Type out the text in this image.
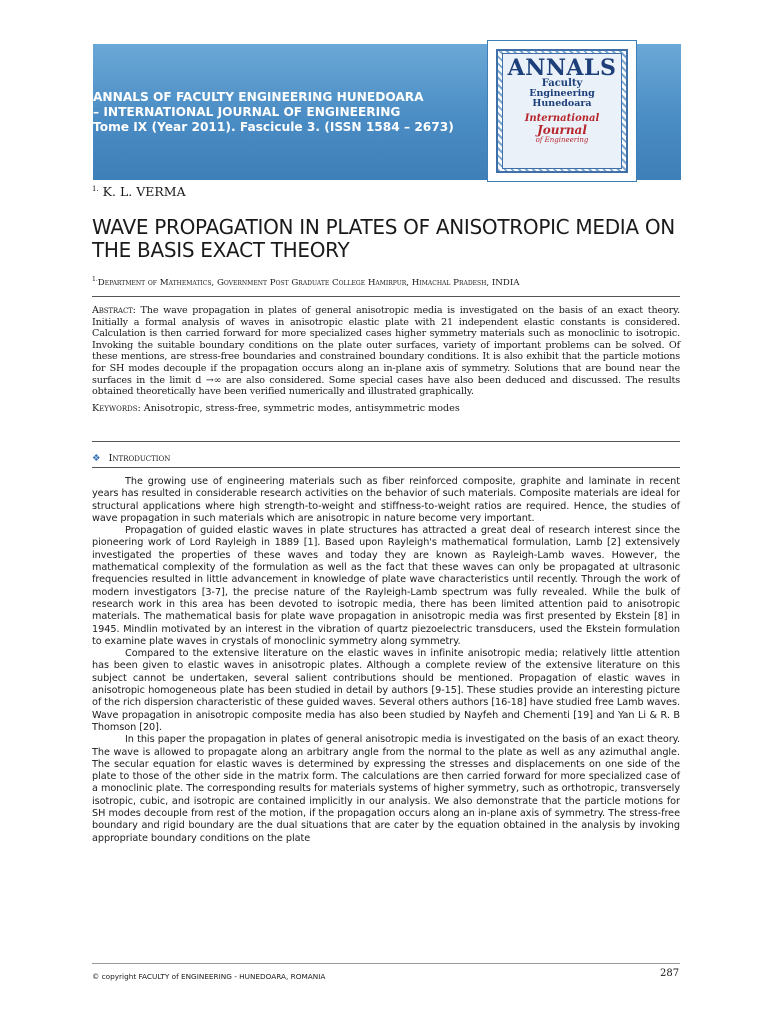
ANNALS OF FACULTY ENGINEERING HUNEDOARA
– INTERNATIONAL JOURNAL OF ENGINEERING
Tome IX (Year 2011). Fascicule 3. (ISSN 1584 – 2673)
ANNALS
Faculty
Engineering
Hunedoara
International
Journal
of Engineering
$^{1.}$ K. L. VERMA
WAVE PROPAGATION IN PLATES OF ANISOTROPIC MEDIA ON THE BASIS EXACT THEORY
$^{1.}$Department of Mathematics, Government Post Graduate College Hamirpur, Himachal Pradesh, INDIA
Abstract: The wave propagation in plates of general anisotropic media is investigated on the basis of an exact theory. Initially a formal analysis of waves in anisotropic elastic plate with 21 independent elastic constants is considered. Calculation is then carried forward for more specialized cases higher symmetry materials such as monoclinic to isotropic. Invoking the suitable boundary conditions on the plate outer surfaces, variety of important problems can be solved. Of these mentions, are stress-free boundaries and constrained boundary conditions. It is also exhibit that the particle motions for SH modes decouple if the propagation occurs along an in-plane axis of symmetry. Solutions that are bound near the surfaces in the limit d →∞ are also considered. Some special cases have also been deduced and discussed. The results obtained theoretically have been verified numerically and illustrated graphically.
Keywords: Anisotropic, stress-free, symmetric modes, antisymmetric modes
❖ Introduction

The growing use of engineering materials such as fiber reinforced composite, graphite and laminate in recent years has resulted in considerable research activities on the behavior of such materials. Composite materials are ideal for structural applications where high strength-to-weight and stiffness-to-weight ratios are required. Hence, the studies of wave propagation in such materials which are anisotropic in nature become very important.

Propagation of guided elastic waves in plate structures has attracted a great deal of research interest since the pioneering work of Lord Rayleigh in 1889 [1]. Based upon Rayleigh's mathematical formulation, Lamb [2] extensively investigated the properties of these waves and today they are known as Rayleigh-Lamb waves. However, the mathematical complexity of the formulation as well as the fact that these waves can only be propagated at ultrasonic frequencies resulted in little advancement in knowledge of plate wave characteristics until recently. Through the work of modern investigators [3-7], the precise nature of the Rayleigh-Lamb spectrum was fully revealed. While the bulk of research work in this area has been devoted to isotropic media, there has been limited attention paid to anisotropic materials. The mathematical basis for plate wave propagation in anisotropic media was first presented by Ekstein [8] in 1945. Mindlin motivated by an interest in the vibration of quartz piezoelectric transducers, used the Ekstein formulation to examine plate waves in crystals of monoclinic symmetry along symmetry.

Compared to the extensive literature on the elastic waves in infinite anisotropic media; relatively little attention has been given to elastic waves in anisotropic plates. Although a complete review of the extensive literature on this subject cannot be undertaken, several salient contributions should be mentioned. Propagation of elastic waves in anisotropic homogeneous plate has been studied in detail by authors [9-15]. These studies provide an interesting picture of the rich dispersion characteristic of these guided waves. Several others authors [16-18] have studied free Lamb waves. Wave propagation in anisotropic composite media has also been studied by Nayfeh and Chementi [19] and Yan Li & R. B Thomson [20].

In this paper the propagation in plates of general anisotropic media is investigated on the basis of an exact theory. The wave is allowed to propagate along an arbitrary angle from the normal to the plate as well as any azimuthal angle. The secular equation for elastic waves is determined by expressing the stresses and displacements on one side of the plate to those of the other side in the matrix form. The calculations are then carried forward for more specialized case of a monoclinic plate. The corresponding results for materials systems of higher symmetry, such as orthotropic, transversely isotropic, cubic, and isotropic are contained implicitly in our analysis. We also demonstrate that the particle motions for SH modes decouple from rest of the motion, if the propagation occurs along an in-plane axis of symmetry. The stress-free boundary and rigid boundary are the dual situations that are cater by the equation obtained in the analysis by invoking appropriate boundary conditions on the plate

© copyright FACULTY of ENGINEERING - HUNEDOARA, ROMANIA	287
